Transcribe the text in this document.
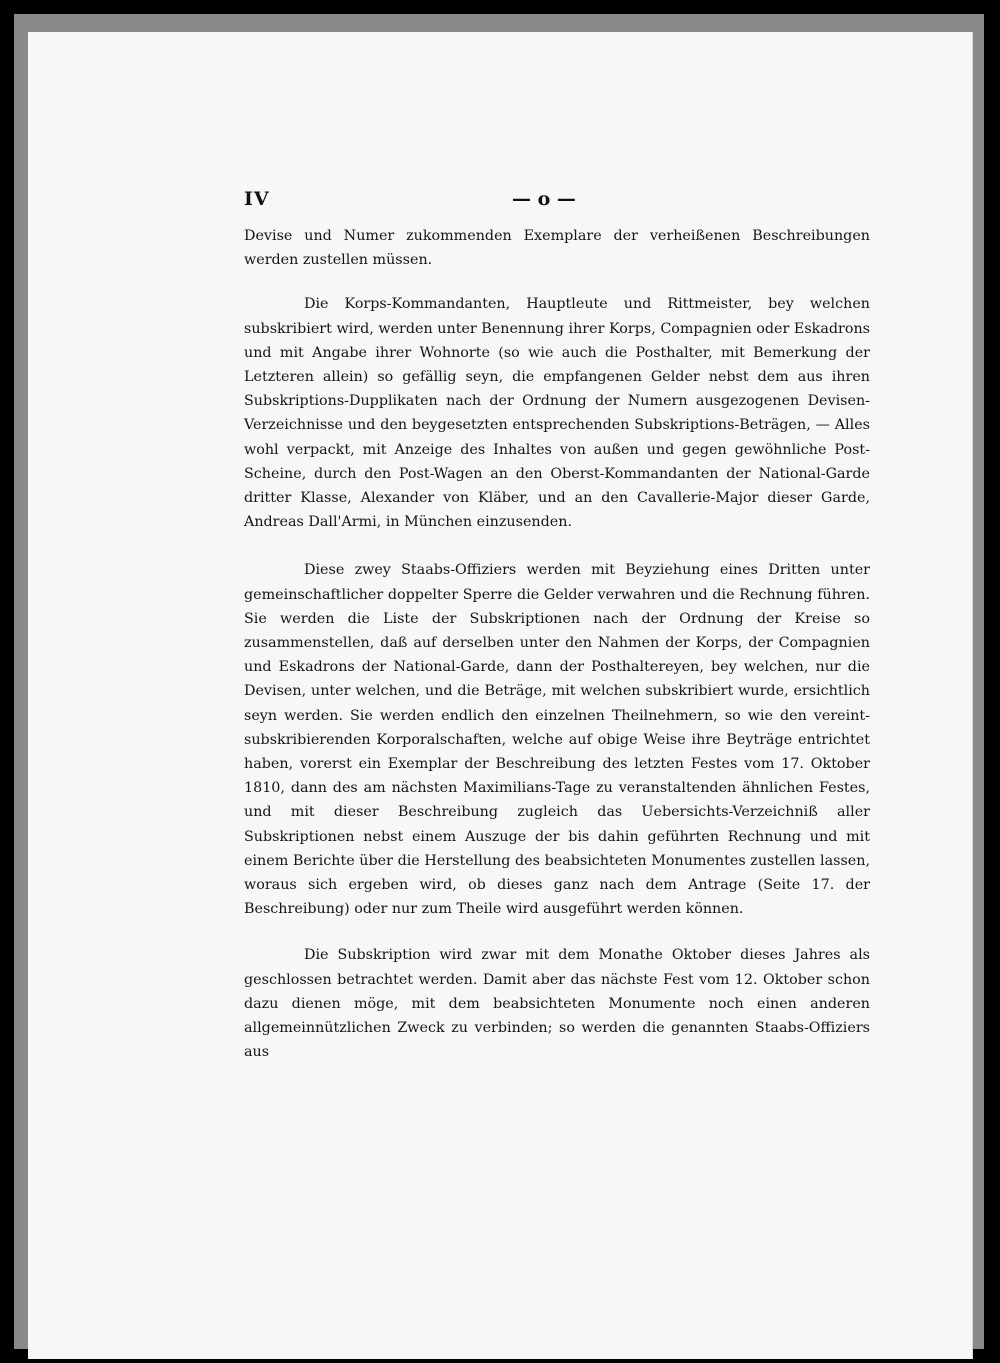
IV	— o —

Devise und Numer zukommenden Exemplare der verheißenen Beschreibungen werden zustellen müssen.

Die Korps-Kommandanten, Hauptleute und Rittmeister, bey welchen subskribiert wird, werden unter Benennung ihrer Korps, Compagnien oder Eskadrons und mit Angabe ihrer Wohnorte (so wie auch die Posthalter, mit Bemerkung der Letzteren allein) so gefällig seyn, die empfangenen Gelder nebst dem aus ihren Subskriptions-Dupplikaten nach der Ordnung der Numern ausgezogenen Devisen-Verzeichnisse und den beygesetzten entsprechenden Subskriptions-Beträgen, — Alles wohl verpackt, mit Anzeige des Inhaltes von außen und gegen gewöhnliche Post-Scheine, durch den Post-Wagen an den Oberst-Kommandanten der National-Garde dritter Klasse, Alexander von Kläber, und an den Cavallerie-Major dieser Garde, Andreas Dall'Armi, in München einzusenden.

Diese zwey Staabs-Offiziers werden mit Beyziehung eines Dritten unter gemeinschaftlicher doppelter Sperre die Gelder verwahren und die Rechnung führen. Sie werden die Liste der Subskriptionen nach der Ordnung der Kreise so zusammenstellen, daß auf derselben unter den Nahmen der Korps, der Compagnien und Eskadrons der National-Garde, dann der Posthaltereyen, bey welchen, nur die Devisen, unter welchen, und die Beträge, mit welchen subskribiert wurde, ersichtlich seyn werden. Sie werden endlich den einzelnen Theilnehmern, so wie den vereint-subskribierenden Korporalschaften, welche auf obige Weise ihre Beyträge entrichtet haben, vorerst ein Exemplar der Beschreibung des letzten Festes vom 17. Oktober 1810, dann des am nächsten Maximilians-Tage zu veranstaltenden ähnlichen Festes, und mit dieser Beschreibung zugleich das Uebersichts-Verzeichniß aller Subskriptionen nebst einem Auszuge der bis dahin geführten Rechnung und mit einem Berichte über die Herstellung des beabsichteten Monumentes zustellen lassen, woraus sich ergeben wird, ob dieses ganz nach dem Antrage (Seite 17. der Beschreibung) oder nur zum Theile wird ausgeführt werden können.

Die Subskription wird zwar mit dem Monathe Oktober dieses Jahres als geschlossen betrachtet werden. Damit aber das nächste Fest vom 12. Oktober schon dazu dienen möge, mit dem beabsichteten Monumente noch einen anderen allgemeinnützlichen Zweck zu verbinden; so werden die genannten Staabs-Offiziers aus
